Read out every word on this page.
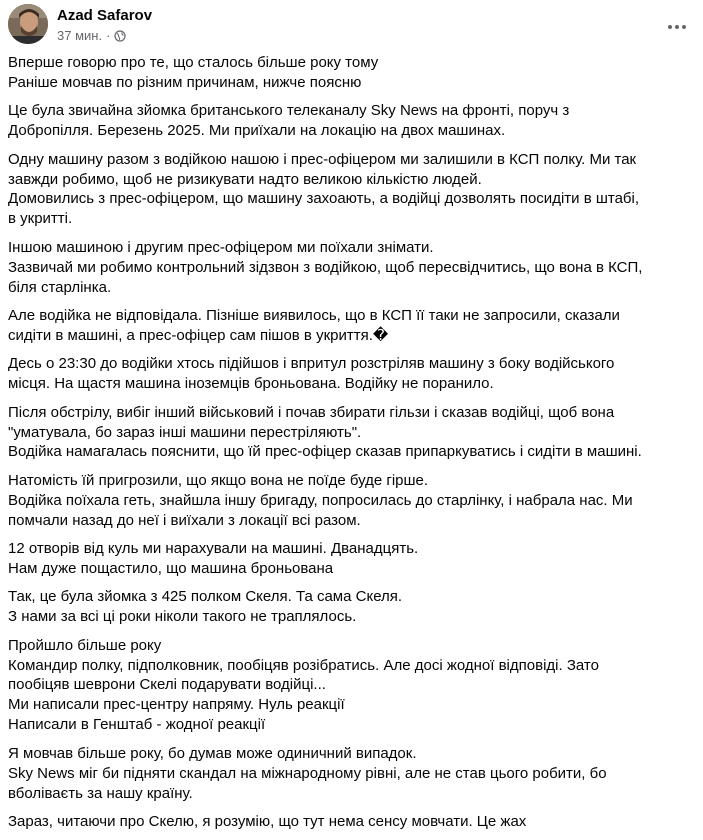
Azad Safarov
37 мин. ·
Вперше говорю про те, що сталось більше року тому
Раніше мовчав по різним причинам, нижче поясню
Це була звичайна зйомка британського телеканалу Sky News на фронті, поруч з
Добропілля. Березень 2025. Ми приїхали на локацію на двох машинах.
Одну машину разом з водійкою нашою і прес-офіцером ми залишили в КСП полку. Ми так
завжди робимо, щоб не ризикувати надто великою кількістю людей.
Домовились з прес-офіцером, що машину захоають, а водійці дозволять посидіти в штабі,
в укритті.
Іншою машиною і другим прес-офіцером ми поїхали знімати.
Зазвичай ми робимо контрольний зідзвон з водійкою, щоб пересвідчитись, що вона в КСП,
біля старлінка.
Але водійка не відповідала. Пізніше виявилось, що в КСП її таки не запросили, сказали
сидіти в машині, а прес-офіцер сам пішов в укриття.�
Десь о 23:30 до водійки хтось підійшов і впритул розстріляв машину з боку водійського
місця. На щастя машина іноземців броньована. Водійку не поранило.
Після обстрілу, вибіг інший військовий і почав збирати гільзи і сказав водійці, щоб вона
"уматувала, бо зараз інші машини перестріляють".
Водійка намагалась пояснити, що їй прес-офіцер сказав припаркуватись і сидіти в машині.
Натомість їй пригрозили, що якщо вона не поїде буде гірше.
Водійка поїхала геть, знайшла іншу бригаду, попросилась до старлінку, і набрала нас. Ми
помчали назад до неї і виїхали з локації всі разом.
12 отворів від куль ми нарахували на машині. Дванадцять.
Нам дуже пощастило, що машина броньована
Так, це була зйомка з 425 полком Скеля. Та сама Скеля.
З нами за всі ці роки ніколи такого не траплялось.
Пройшло більше року
Командир полку, підполковник, пообіцяв розібратись. Але досі жодної відповіді. Зато
пообіцяв шеврони Скелі подарувати водійці...
Ми написали прес-центру напряму. Нуль реакції
Написали в Генштаб - жодної реакції
Я мовчав більше року, бо думав може одиничний випадок.
Sky News міг би підняти скандал на міжнародному рівні, але не став цього робити, бо
вболіваєть за нашу країну.
Зараз, читаючи про Скелю, я розумію, що тут нема сенсу мовчати. Це жах
